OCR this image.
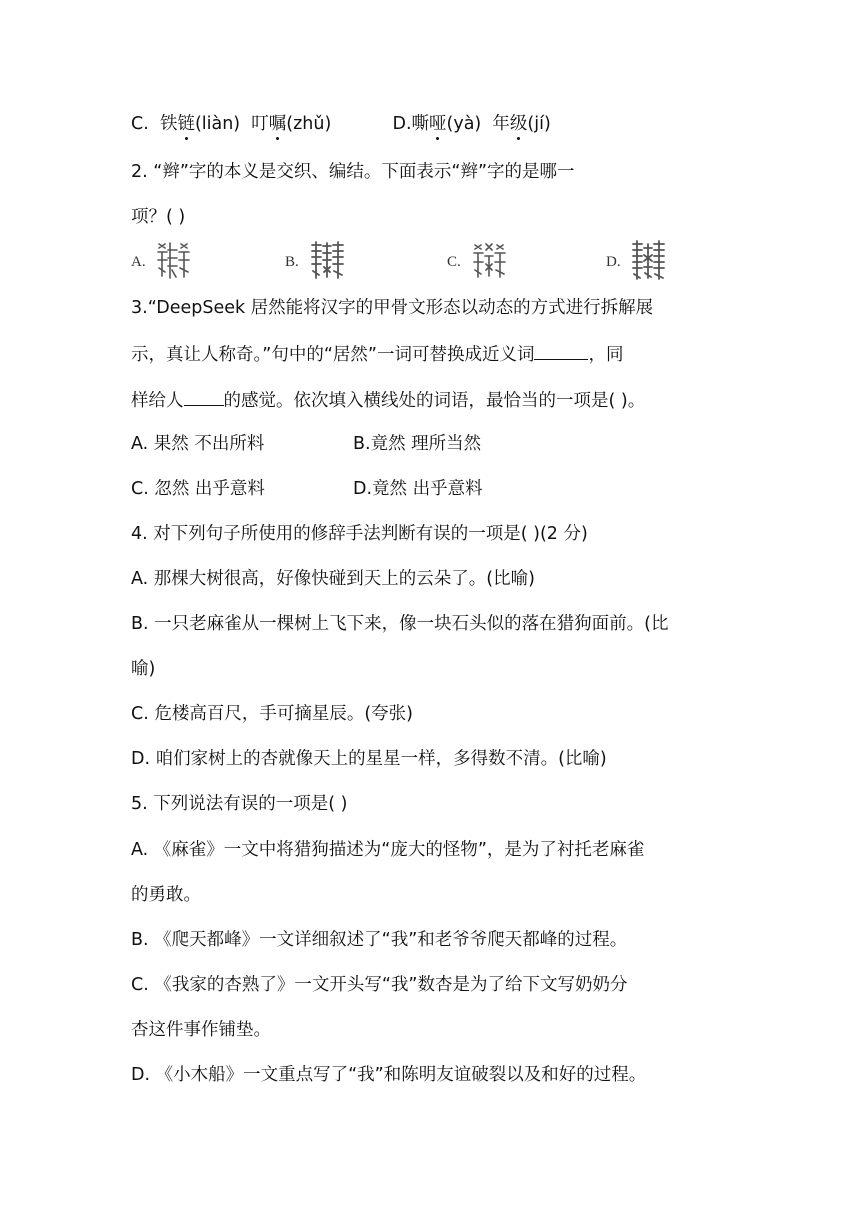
C. 铁链(liàn) 叮嘱(zhǔ)	D.嘶哑(yà) 年级(jí)
2. “辫”字的本义是交织、编结。下面表示“辫”字的是哪一
项？( )
A.	B.	C.	D.
3.“DeepSeek 居然能将汉字的甲骨文形态以动态的方式进行拆解展
示，真让人称奇。”句中的“居然”一词可替换成近义词	，同
样给人 的感觉。依次填入横线处的词语，最恰当的一项是( )。
A. 果然 不出所料	B.竟然 理所当然
C. 忽然 出乎意料	D.竟然 出乎意料
4. 对下列句子所使用的修辞手法判断有误的一项是( )(2 分)
A. 那棵大树很高，好像快碰到天上的云朵了。(比喻)
B. 一只老麻雀从一棵树上飞下来，像一块石头似的落在猎狗面前。(比
喻)
C. 危楼高百尺，手可摘星辰。(夸张)
D. 咱们家树上的杏就像天上的星星一样，多得数不清。(比喻)
5. 下列说法有误的一项是( )
A. 《麻雀》一文中将猎狗描述为“庞大的怪物”，是为了衬托老麻雀
的勇敢。
B. 《爬天都峰》一文详细叙述了“我”和老爷爷爬天都峰的过程。
C. 《我家的杏熟了》一文开头写“我”数杏是为了给下文写奶奶分
杏这件事作铺垫。
D. 《小木船》一文重点写了“我”和陈明友谊破裂以及和好的过程。
